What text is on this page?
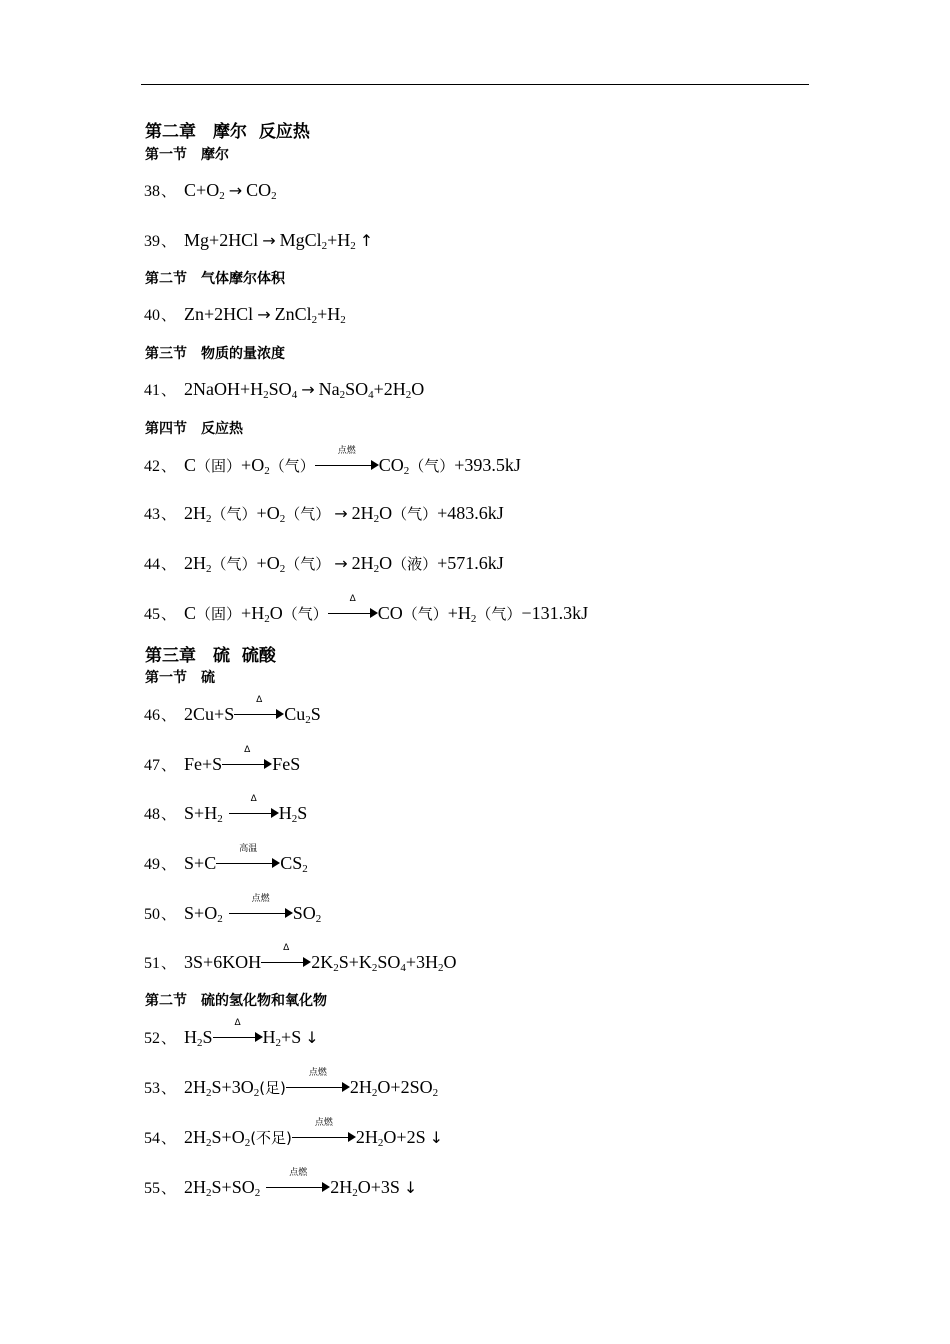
第二章　摩尔  反应热
第一节　摩尔
38、 $C+O_2 \to CO_2$
39、 $Mg+2HCl \to MgCl_2+H_2$ ↑
第二节　气体摩尔体积
40、 $Zn+2HCl \to ZnCl_2+H_2$
第三节　物质的量浓度
41、 $2NaOH+H_2SO_4 \to Na_2SO_4+2H_2O$
第四节　反应热
42、 C（固）$+O_2$（气）
点燃
$CO_2$（气）+393.5kJ
43、 $2H_2$（气）$+O_2$（气） → $2H_2O$（气）+483.6kJ
44、 $2H_2$（气）$+O_2$（气） → $2H_2O$（液）+571.6kJ
45、 C（固）$+H_2O$（气）
Δ
CO（气）$+H_2$（气）−131.3kJ
第三章　硫  硫酸
第一节　硫
46、 2Cu+S
Δ
$Cu_2S$
47、 Fe+S
Δ
FeS
48、 $S+H_2$
Δ
$H_2S$
49、 S+C
高温
$CS_2$
50、 $S+O_2$
点燃
$SO_2$
51、 3S+6KOH
Δ
$2K_2S+K_2SO_4+3H_2O$
第二节　硫的氢化物和氧化物
52、 $H_2S$
Δ
$H_2+S$ ↓
53、 $2H_2S+3O_2$(足)
点燃
$2H_2O+2SO_2$
54、 $2H_2S+O_2$(不足)
点燃
$2H_2O+2S$ ↓
55、 $2H_2S+SO_2$
点燃
$2H_2O+3S$ ↓
